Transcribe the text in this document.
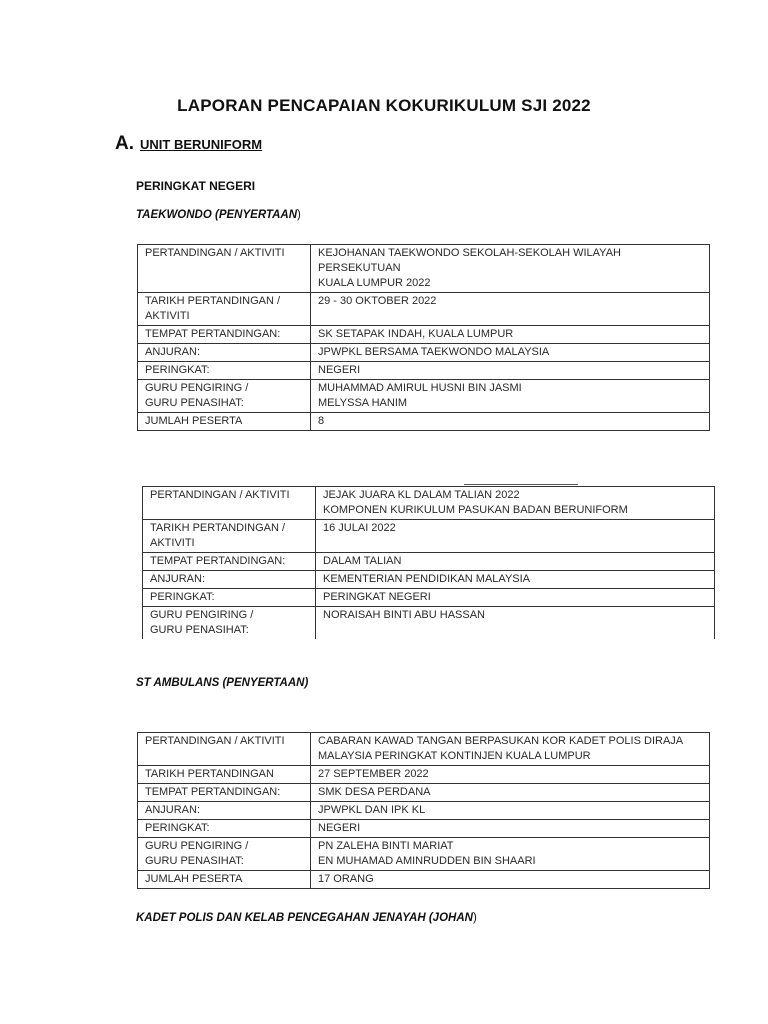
LAPORAN PENCAPAIAN KOKURIKULUM SJI 2022
A. UNIT BERUNIFORM
PERINGKAT NEGERI
TAEKWONDO (PENYERTAAN)
PERTANDINGAN / AKTIVITI	KEJOHANAN TAEKWONDO SEKOLAH-SEKOLAH WILAYAH PERSEKUTUAN
KUALA LUMPUR 2022
TARIKH PERTANDINGAN /
AKTIVITI	29 - 30 OKTOBER 2022
TEMPAT PERTANDINGAN:	SK SETAPAK INDAH, KUALA LUMPUR
ANJURAN:	JPWPKL BERSAMA TAEKWONDO MALAYSIA
PERINGKAT:	NEGERI
GURU PENGIRING /
GURU PENASIHAT:	MUHAMMAD AMIRUL HUSNI BIN JASMI
MELYSSA HANIM
JUMLAH PESERTA	8
PERTANDINGAN / AKTIVITI	JEJAK JUARA KL DALAM TALIAN 2022
KOMPONEN KURIKULUM PASUKAN BADAN BERUNIFORM
TARIKH PERTANDINGAN /
AKTIVITI	16 JULAI 2022
TEMPAT PERTANDINGAN:	DALAM TALIAN
ANJURAN:	KEMENTERIAN PENDIDIKAN MALAYSIA
PERINGKAT:	PERINGKAT NEGERI
GURU PENGIRING /
GURU PENASIHAT:	NORAISAH BINTI ABU HASSAN
ST AMBULANS (PENYERTAAN)
PERTANDINGAN / AKTIVITI	CABARAN KAWAD TANGAN BERPASUKAN KOR KADET POLIS DIRAJA
MALAYSIA PERINGKAT KONTINJEN KUALA LUMPUR
TARIKH PERTANDINGAN	27 SEPTEMBER 2022
TEMPAT PERTANDINGAN:	SMK DESA PERDANA
ANJURAN:	JPWPKL DAN IPK KL
PERINGKAT:	NEGERI
GURU PENGIRING /
GURU PENASIHAT:	PN ZALEHA BINTI MARIAT
EN MUHAMAD AMINRUDDEN BIN SHAARI
JUMLAH PESERTA	17 ORANG
KADET POLIS DAN KELAB PENCEGAHAN JENAYAH (JOHAN)
